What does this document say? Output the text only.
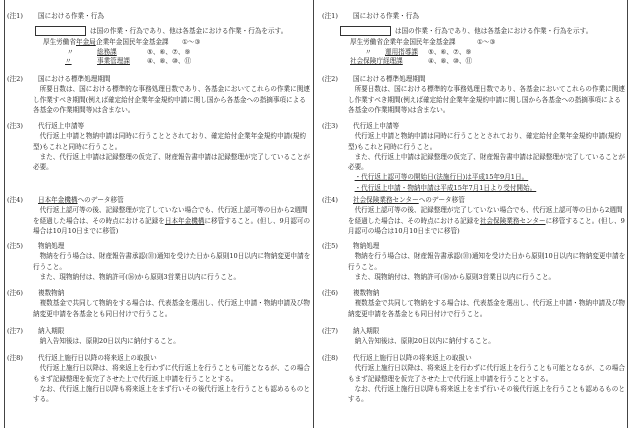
(注1) 国における作業・行為
は国の作業・行為であり、他は各基金における作業・行為を示す。
厚生労働省 年金局 企業年金国民年金基金課 ①～③
〃	総務課	⑤、⑥、⑦、⑨
〃	事業管理課	④、⑧、⑩、⑪
(注2) 国における標準処理期間

所要日数は、国における標準的な事務処理日数であり、各基金においてこれらの作業に関連し作業すべき期間(例えば確定給付企業年金規約申請に関し国から各基金への指摘事項による各基金の作業期間等)は含まない。

(注3) 代行返上申請等

代行返上申請と物納申請は同時に行うこととされており、確定給付企業年金規約申請(規約型)もこれと同時に行うこと。

また、代行返上申請は記録整理の仮完了、財産報告書申請は記録整理が完了していることが必要。

(注4) 日本年金機構へのデータ移管

代行返上認可等の後、記録整理が完了していない場合でも、代行返上認可等の日から2週間を経過した場合は、その時点における記録を日本年金機構に移管すること。(但し、9月認可の場合は10月10日までに移管)

(注5) 物納処理

物納を行う場合は、財産報告書承認(㉛)通知を受けた日から原則10日以内に物納変更申請を行うこと。

また、現物納付は、物納許可(㊱)から原則3営業日以内に行うこと。

(注6) 複数物納

複数基金で共同して物納をする場合は、代表基金を選出し、代行返上申請・物納申請及び物納変更申請を各基金とも同日付けで行うこと。

(注7) 納入期限

納入告知後は、原則20日以内に納付すること。

(注8) 代行返上施行日以降の将来返上の取扱い

代行返上施行日以降は、将来返上を行わずに代行返上を行うことも可能となるが、この場合もまず記録整理を仮完了させた上で代行返上申請を行うこととする。

なお、代行返上施行日以降も将来返上をまず行いその後代行返上を行うことも認めるものとする。

(注1) 国における作業・行為
は国の作業・行為であり、他は各基金における作業・行為を示す。
厚生労働省企業年金国民年金基金課	①～③
〃 運用指導課 ⑤、⑥、⑦、⑨
社会保険庁経理課	④、⑧、⑩、⑪
(注2) 国における標準処理期間

所要日数は、国における標準的な事務処理日数であり、各基金においてこれらの作業に関連し作業すべき期間(例えば確定給付企業年金規約申請に関し国から各基金への指摘事項による各基金の作業期間等)は含まない。

(注3) 代行返上申請等

代行返上申請と物納申請は同時に行うこととされており、確定給付企業年金規約申請(規約型)もこれと同時に行うこと。

また、代行返上申請は記録整理の仮完了、財産報告書申請は記録整理が完了していることが必要。

・代行返上認可等の開始日(法施行日)は平成15年9月1日。
・代行返上申請・物納申請は平成15年7月1日より受付開始。
(注4) 社会保険業務センターへのデータ移管

代行返上認可等の後、記録整理が完了していない場合でも、代行返上認可等の日から2週間を経過した場合は、その時点における記録を社会保険業務センターに移管すること。(但し、9月認可の場合は10月10日までに移管)

(注5) 物納処理

物納を行う場合は、財産報告書承認(㉛)通知を受けた日から原則10日以内に物納変更申請を行うこと。

また、現物納付は、物納許可(㊱)から原則3営業日以内に行うこと。

(注6) 複数物納

複数基金で共同して物納をする場合は、代表基金を選出し、代行返上申請・物納申請及び物納変更申請を各基金とも同日付けで行うこと。

(注7) 納入期限

納入告知後は、原則20日以内に納付すること。

(注8) 代行返上施行日以降の将来返上の取扱い

代行返上施行日以降は、将来返上を行わずに代行返上を行うことも可能となるが、この場合もまず記録整理を仮完了させた上で代行返上申請を行うこととする。

なお、代行返上施行日以降も将来返上をまず行いその後代行返上を行うことも認めるものとする。
